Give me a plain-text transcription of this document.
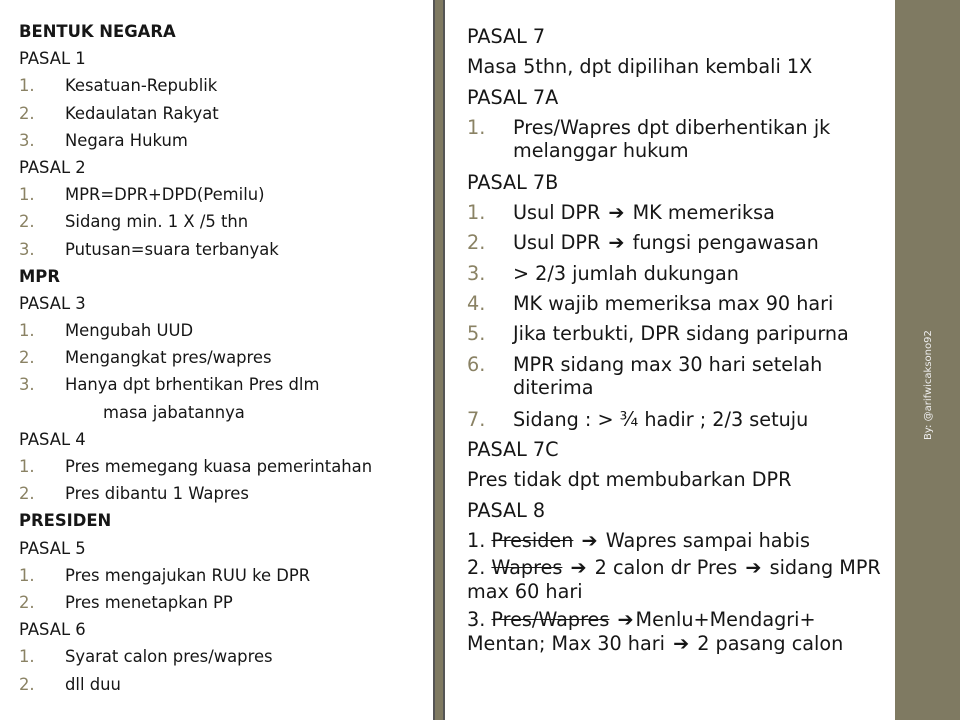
BENTUK NEGARA
PASAL 1
1.	Kesatuan-Republik
2.	Kedaulatan Rakyat
3.	Negara Hukum
PASAL 2
1.	MPR=DPR+DPD(Pemilu)
2.	Sidang min. 1 X /5 thn
3.	Putusan=suara terbanyak
MPR
PASAL 3
1.	Mengubah UUD
2.	Mengangkat pres/wapres
3.	Hanya dpt brhentikan Pres dlm
masa jabatannya
PASAL 4
1.	Pres memegang kuasa pemerintahan
2.	Pres dibantu 1 Wapres
PRESIDEN
PASAL 5
1.	Pres mengajukan RUU ke DPR
2.	Pres menetapkan PP
PASAL 6
1.	Syarat calon pres/wapres
2.	dll duu
PASAL 7
Masa 5thn, dpt dipilihan kembali 1X
PASAL 7A
1.	Pres/Wapres dpt diberhentikan jk melanggar hukum
PASAL 7B
1.	Usul DPR ➔ MK memeriksa
2.	Usul DPR ➔ fungsi pengawasan
3.	> 2/3 jumlah dukungan
4.	MK wajib memeriksa max 90 hari
5.	Jika terbukti, DPR sidang paripurna
6.	MPR sidang max 30 hari setelah diterima
7.	Sidang : > ¾ hadir ; 2/3 setuju
PASAL 7C
Pres tidak dpt membubarkan DPR
PASAL 8
1. Presiden ➔ Wapres sampai habis
2. Wapres ➔ 2 calon dr Pres ➔ sidang MPR max 60 hari
3. Pres/Wapres ➔ Menlu+Mendagri+ Mentan; Max 30 hari ➔ 2 pasang calon
By: @arifwicaksono92
